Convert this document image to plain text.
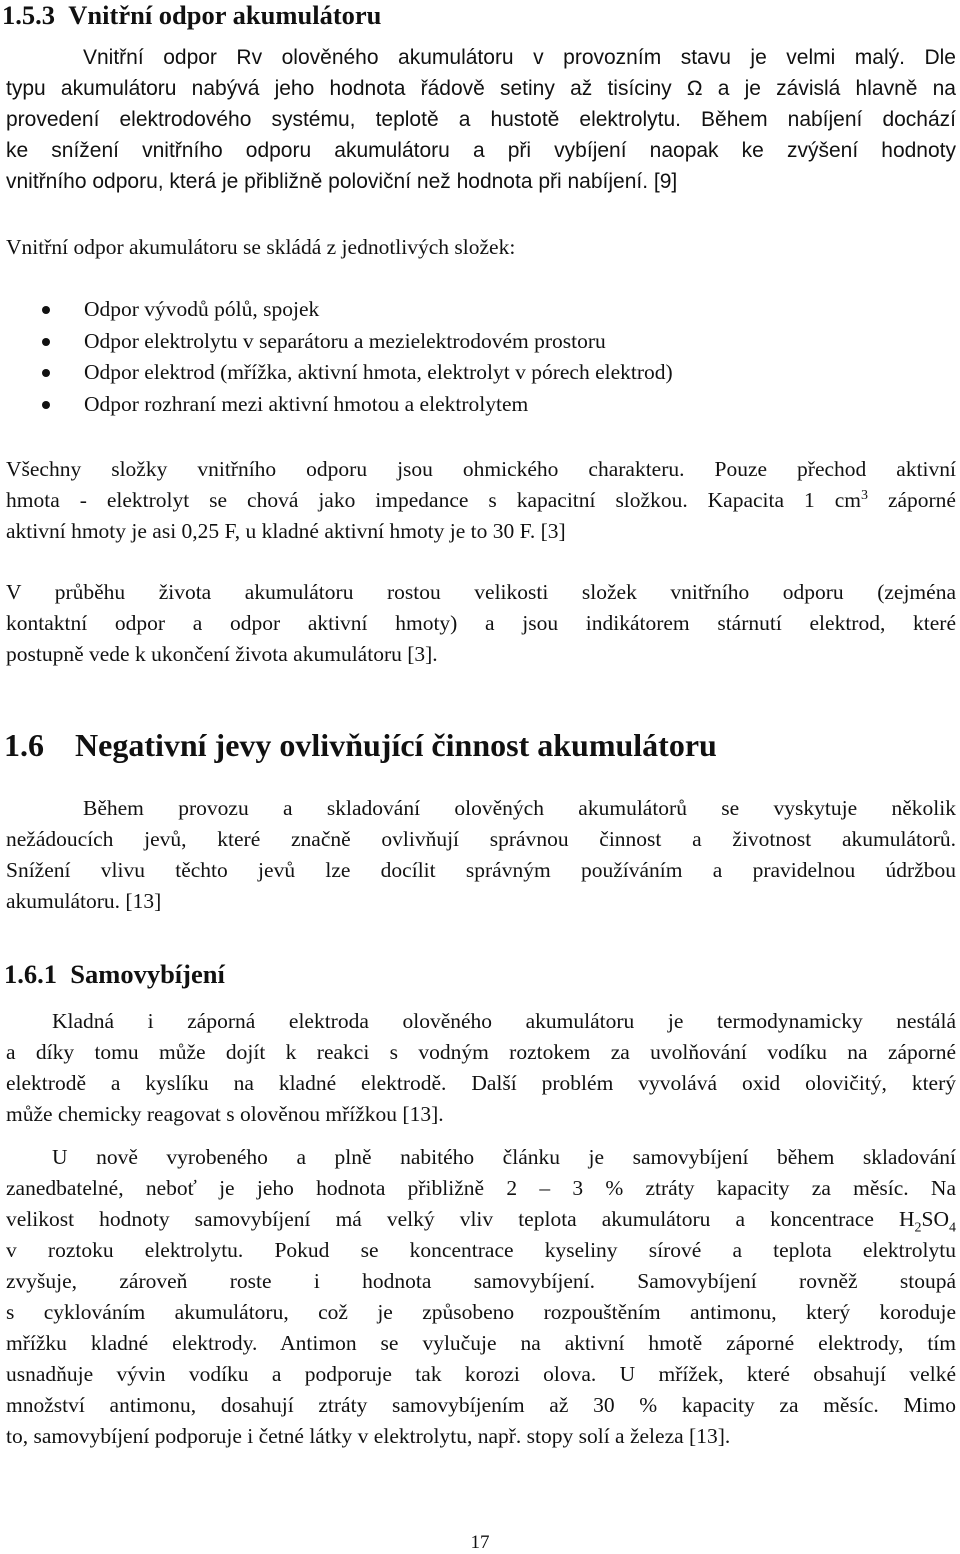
1.5.3 Vnitřní odpor akumulátoru
Vnitřní odpor Rv olověného akumulátoru v provozním stavu je velmi malý. Dle
typu akumulátoru nabývá jeho hodnota řádově setiny až tisíciny Ω a je závislá hlavně na
provedení elektrodového systému, teplotě a hustotě elektrolytu. Během nabíjení dochází
ke snížení vnitřního odporu akumulátoru a při vybíjení naopak ke zvýšení hodnoty
vnitřního odporu, která je přibližně poloviční než hodnota při nabíjení. [9]
Vnitřní odpor akumulátoru se skládá z jednotlivých složek:
Odpor vývodů pólů, spojek
Odpor elektrolytu v separátoru a mezielektrodovém prostoru
Odpor elektrod (mřížka, aktivní hmota, elektrolyt v pórech elektrod)
Odpor rozhraní mezi aktivní hmotou a elektrolytem
Všechny složky vnitřního odporu jsou ohmického charakteru. Pouze přechod aktivní
hmota - elektrolyt se chová jako impedance s kapacitní složkou. Kapacita 1 $cm^3$ záporné
aktivní hmoty je asi 0,25 F, u kladné aktivní hmoty je to 30 F. [3]
V průběhu života akumulátoru rostou velikosti složek vnitřního odporu (zejména
kontaktní odpor a odpor aktivní hmoty) a jsou indikátorem stárnutí elektrod, které
postupně vede k ukončení života akumulátoru [3].
1.6 Negativní jevy ovlivňující činnost akumulátoru
Během provozu a skladování olověných akumulátorů se vyskytuje několik
nežádoucích jevů, které značně ovlivňují správnou činnost a životnost akumulátorů.
Snížení vlivu těchto jevů lze docílit správným používáním a pravidelnou údržbou
akumulátoru. [13]
1.6.1 Samovybíjení
Kladná i záporná elektroda olověného akumulátoru je termodynamicky nestálá
a díky tomu může dojít k reakci s vodným roztokem za uvolňování vodíku na záporné
elektrodě a kyslíku na kladné elektrodě. Další problém vyvolává oxid olovičitý, který
může chemicky reagovat s olověnou mřížkou [13].
U nově vyrobeného a plně nabitého článku je samovybíjení během skladování
zanedbatelné, neboť je jeho hodnota přibližně 2 – 3 % ztráty kapacity za měsíc. Na
velikost hodnoty samovybíjení má velký vliv teplota akumulátoru a koncentrace $H_2SO_4$
v roztoku elektrolytu. Pokud se koncentrace kyseliny sírové a teplota elektrolytu
zvyšuje, zároveň roste i hodnota samovybíjení. Samovybíjení rovněž stoupá
s cyklováním akumulátoru, což je způsobeno rozpouštěním antimonu, který koroduje
mřížku kladné elektrody. Antimon se vylučuje na aktivní hmotě záporné elektrody, tím
usnadňuje vývin vodíku a podporuje tak korozi olova. U mřížek, které obsahují velké
množství antimonu, dosahují ztráty samovybíjením až 30 % kapacity za měsíc. Mimo
to, samovybíjení podporuje i četné látky v elektrolytu, např. stopy solí a železa [13].
17
